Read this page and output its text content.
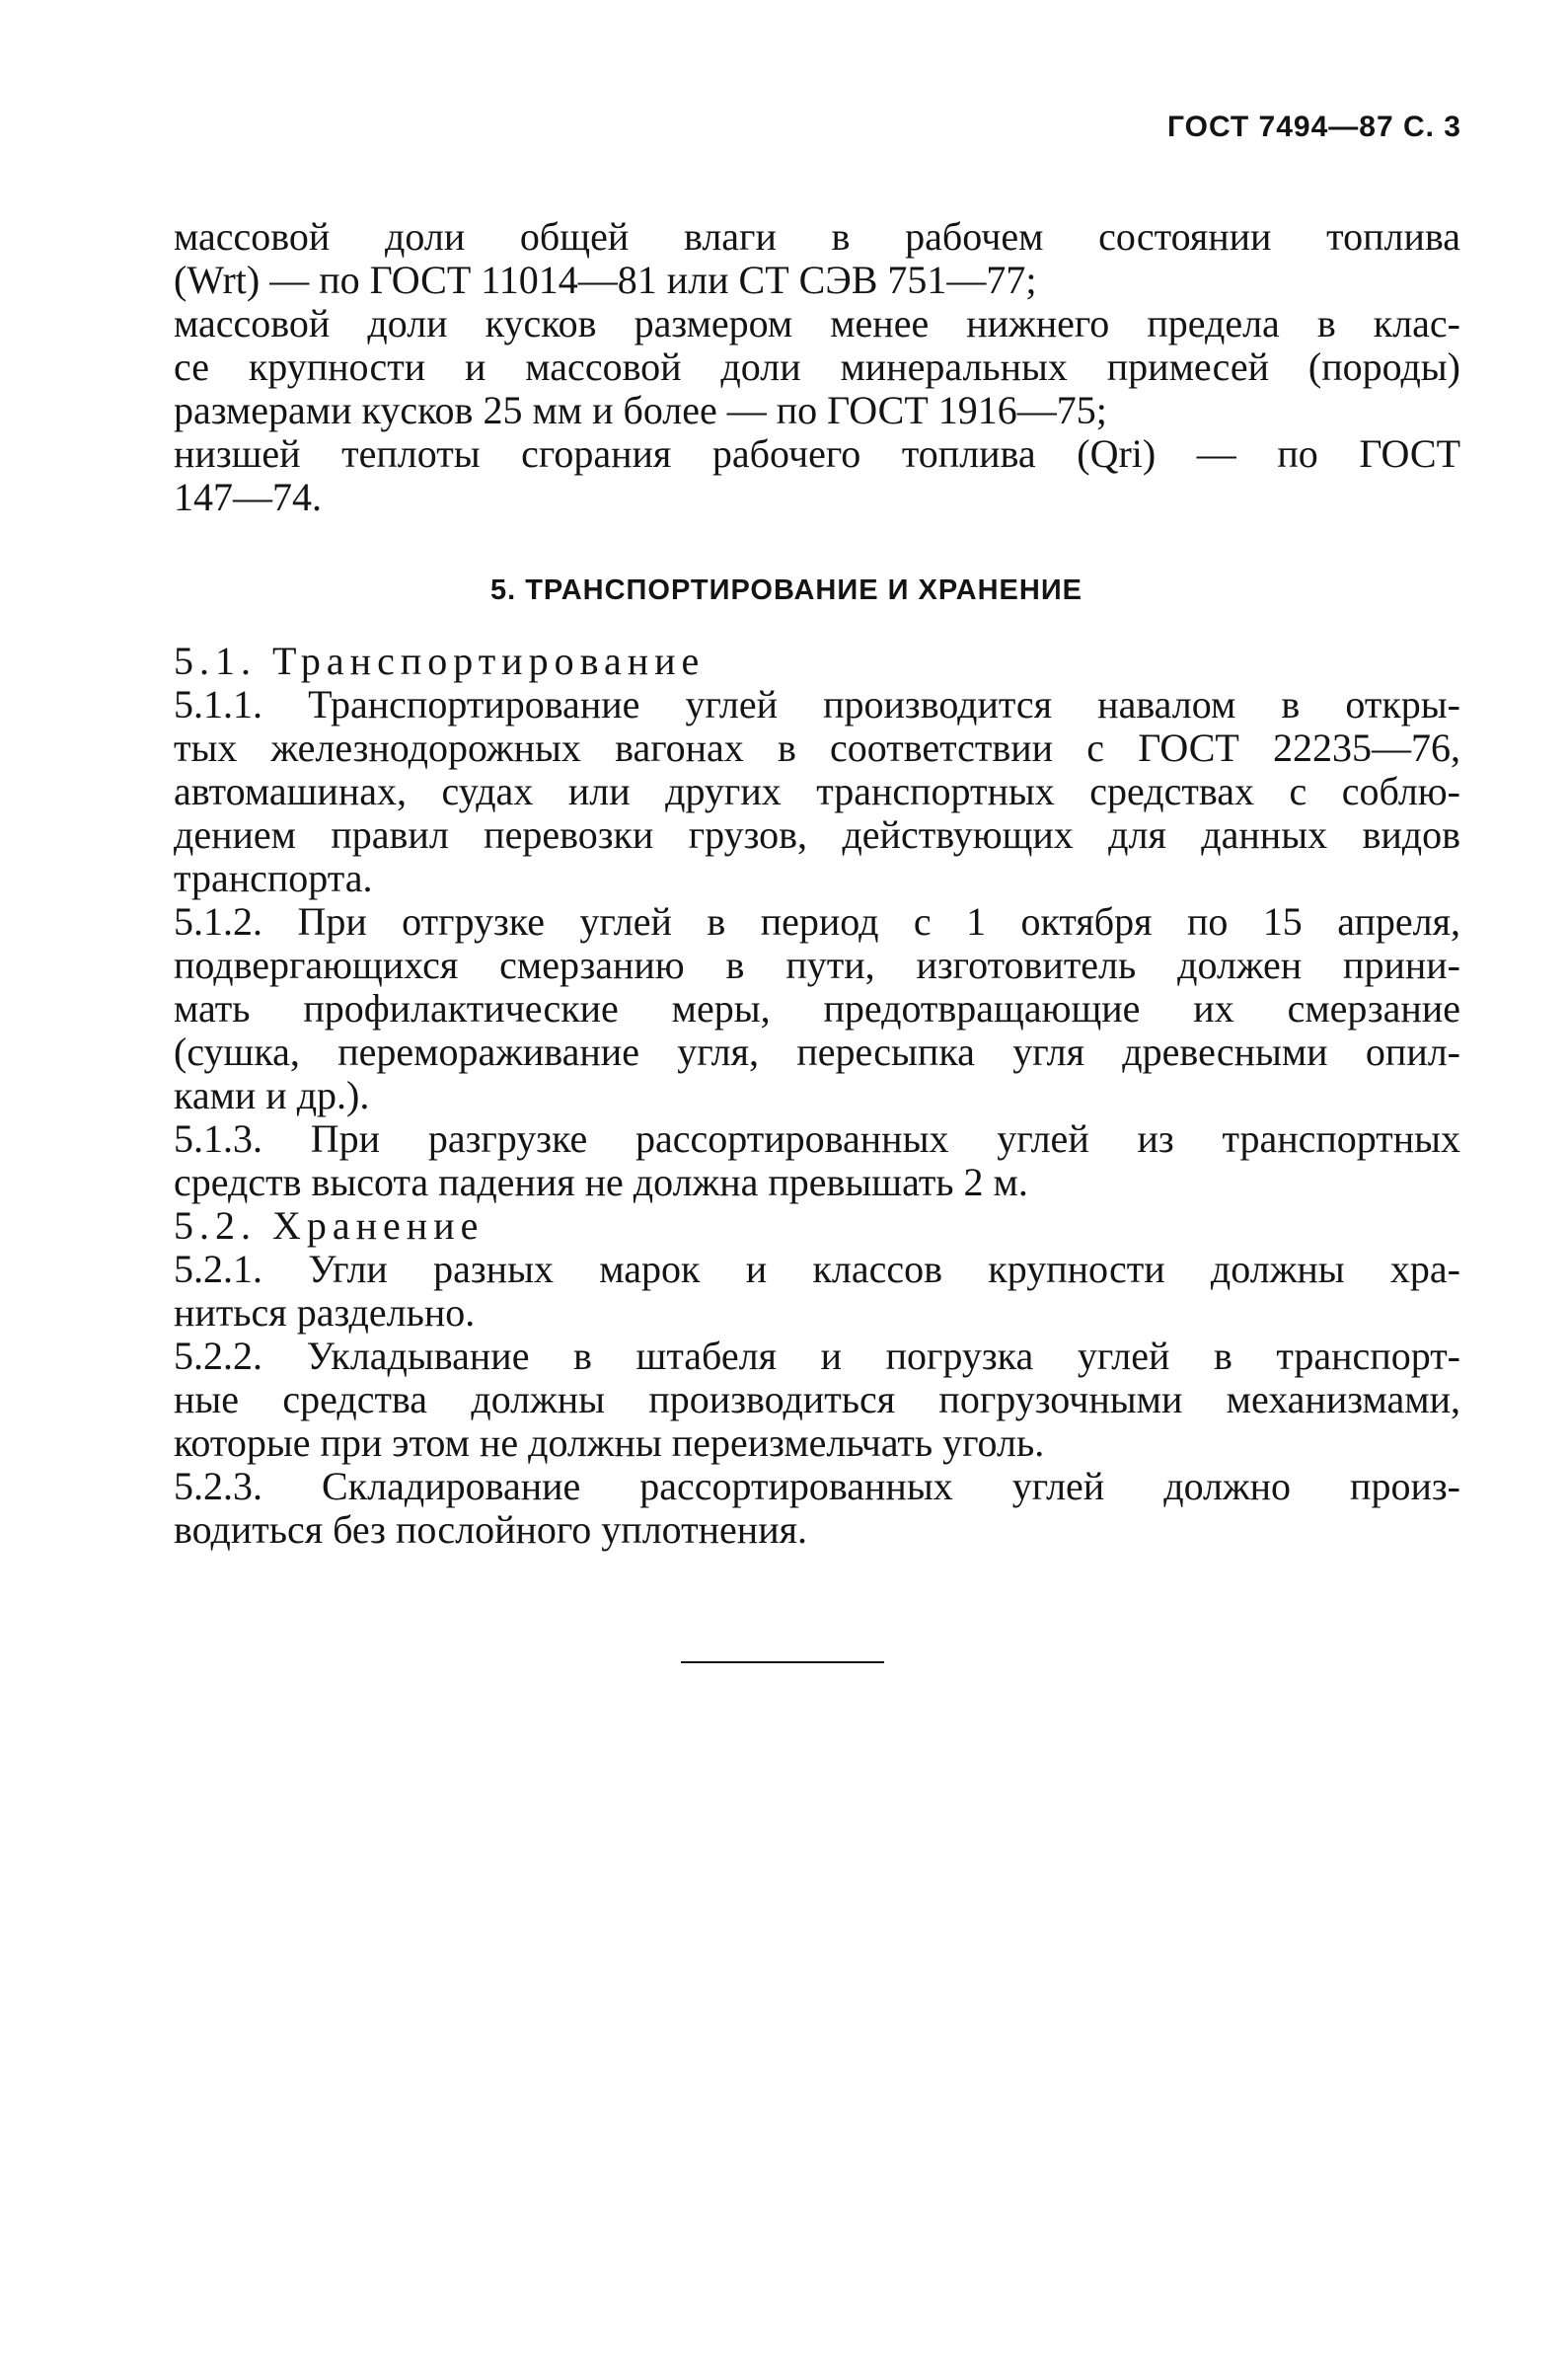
ГОСТ 7494—87 С. 3

массовой доли общей влаги в рабочем состоянии топлива
(Wrt) — по ГОСТ 11014—81 или СТ СЭВ 751—77;

массовой доли кусков размером менее нижнего предела в клас-
се крупности и массовой доли минеральных примесей (породы)
размерами кусков 25 мм и более — по ГОСТ 1916—75;

низшей теплоты сгорания рабочего топлива (Qri) — по ГОСТ
147—74.

5. ТРАНСПОРТИРОВАНИЕ И ХРАНЕНИЕ

5.1. Транспортирование

5.1.1. Транспортирование углей производится навалом в откры-
тых железнодорожных вагонах в соответствии с ГОСТ 22235—76,
автомашинах, судах или других транспортных средствах с соблю-
дением правил перевозки грузов, действующих для данных видов
транспорта.

5.1.2. При отгрузке углей в период с 1 октября по 15 апреля,
подвергающихся смерзанию в пути, изготовитель должен прини-
мать профилактические меры, предотвращающие их смерзание
(сушка, перемораживание угля, пересыпка угля древесными опил-
ками и др.).

5.1.3. При разгрузке рассортированных углей из транспортных
средств высота падения не должна превышать 2 м.

5.2. Хранение

5.2.1. Угли разных марок и классов крупности должны хра-
ниться раздельно.

5.2.2. Укладывание в штабеля и погрузка углей в транспорт-
ные средства должны производиться погрузочными механизмами,
которые при этом не должны переизмельчать уголь.

5.2.3. Складирование рассортированных углей должно произ-
водиться без послойного уплотнения.
